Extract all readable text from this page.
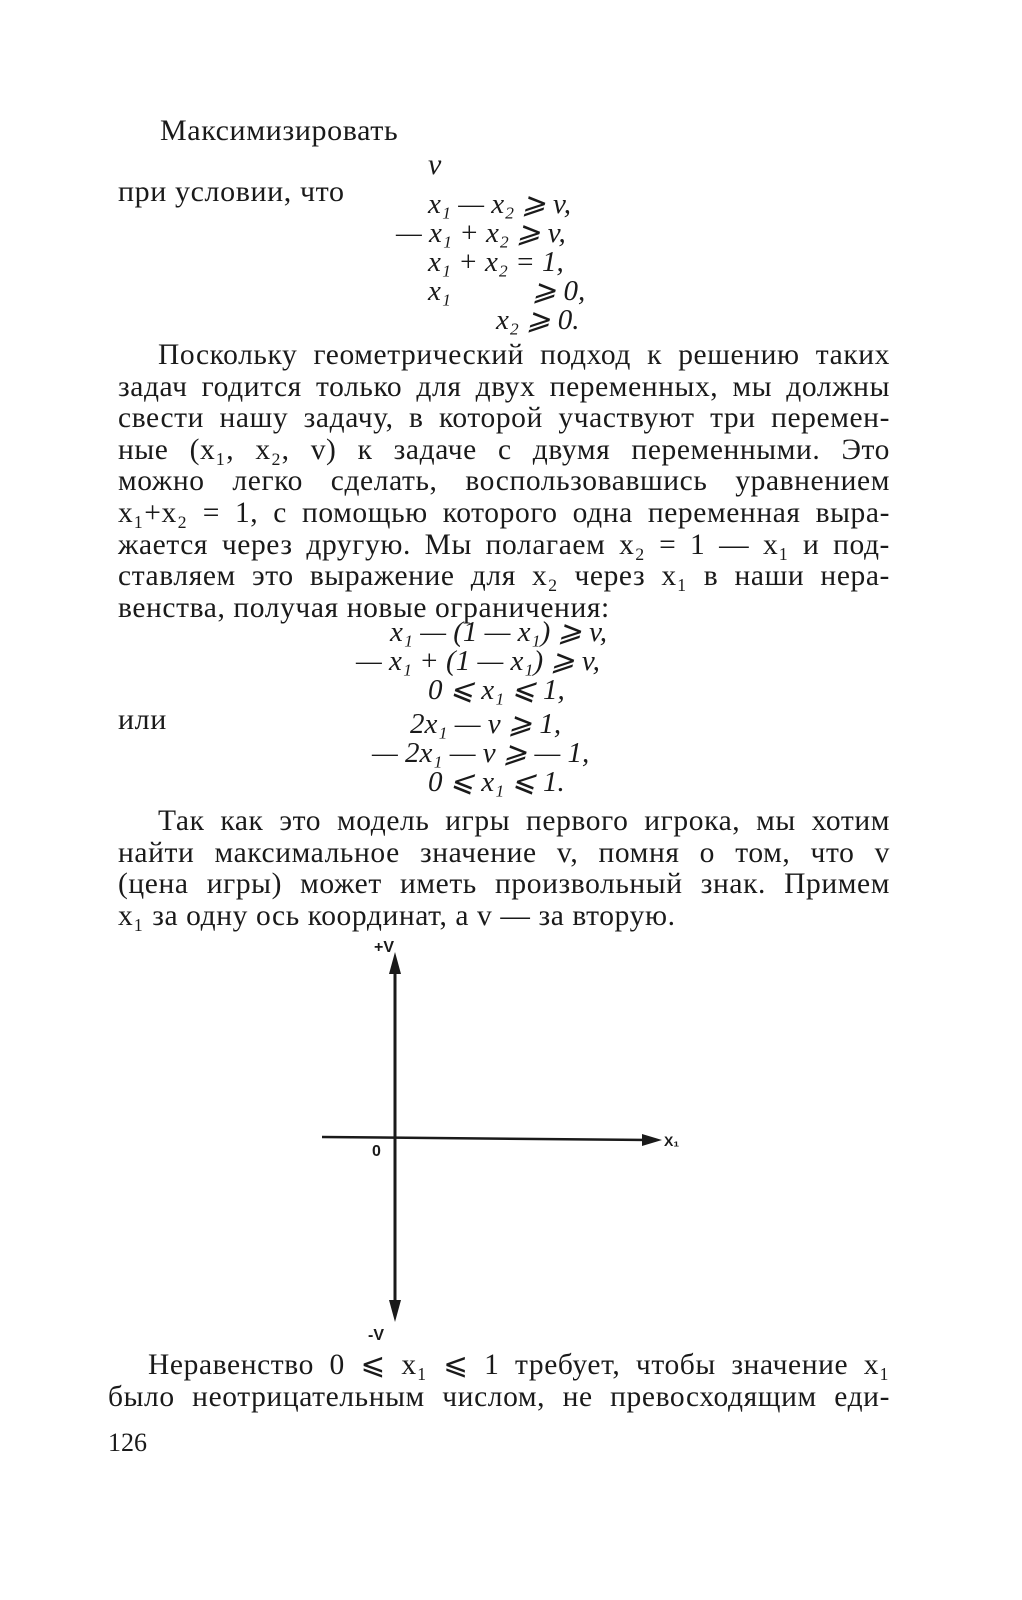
Максимизировать
v
при условии, что	x₁ — x₂ ⩾ v,
— x₁ + x₂ ⩾ v,
x₁ + x₂ = 1,
x₁	⩾ 0,
x₂ ⩾ 0.
Поскольку геометрический подход к решению таких
задач годится только для двух переменных, мы должны
свести нашу задачу, в которой участвуют три перемен-
ные (x₁, x₂, v) к задаче с двумя переменными. Это
можно легко сделать, воспользовавшись уравнением
x₁+x₂ = 1, с помощью которого одна переменная выра-
жается через другую. Мы полагаем x₂ = 1 — x₁ и под-
ставляем это выражение для x₂ через x₁ в наши нера-
венства, получая новые ограничения:
x₁ — (1 — x₁) ⩾ v,
— x₁ + (1 — x₁) ⩾ v,
0 ⩽ x₁ ⩽ 1,
или	2x₁ — v ⩾ 1,
— 2x₁ — v ⩾ — 1,
0 ⩽ x₁ ⩽ 1.
Так как это модель игры первого игрока, мы хотим
найти максимальное значение v, помня о том, что v
(цена игры) может иметь произвольный знак. Примем
x₁ за одну ось координат, а v — за вторую.
+V
-V
0
X₁
Неравенство 0 ⩽ x₁ ⩽ 1 требует, чтобы значение x₁
было неотрицательным числом, не превосходящим еди-
126
